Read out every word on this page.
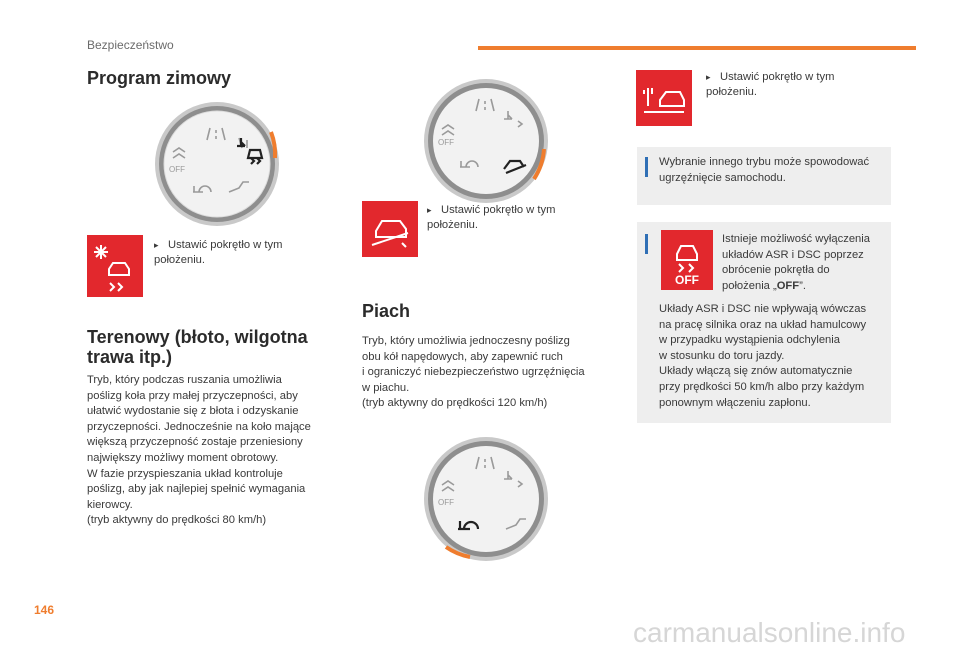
Bezpieczeństwo
Program zimowy
OFF
▸ Ustawić pokrętło w tym położeniu.
Terenowy (błoto, wilgotna
trawa itp.)
Tryb, który podczas ruszania umożliwia
poślizg koła przy małej przyczepności, aby
ułatwić wydostanie się z błota i odzyskanie
przyczepności. Jednocześnie na koło mające
większą przyczepność zostaje przeniesiony
największy możliwy moment obrotowy.
W fazie przyspieszania układ kontroluje
poślizg, aby jak najlepiej spełnić wymagania
kierowcy.
(tryb aktywny do prędkości 80 km/h)
OFF
▸ Ustawić pokrętło w tym położeniu.
Piach
Tryb, który umożliwia jednoczesny poślizg
obu kół napędowych, aby zapewnić ruch
i ograniczyć niebezpieczeństwo ugrzęźnięcia
w piachu.
(tryb aktywny do prędkości 120 km/h)
OFF
▸ Ustawić pokrętło w tym położeniu.
Wybranie innego trybu może spowodować ugrzęźnięcie samochodu.
OFF
Istnieje możliwość wyłączenia
układów ASR i DSC poprzez
obrócenie pokrętła do
położenia „OFF”.
Układy ASR i DSC nie wpływają wówczas
na pracę silnika oraz na układ hamulcowy
w przypadku wystąpienia odchylenia
w stosunku do toru jazdy.
Układy włączą się znów automatycznie
przy prędkości 50 km/h albo przy każdym
ponownym włączeniu zapłonu.
146
carmanualsonline.info
